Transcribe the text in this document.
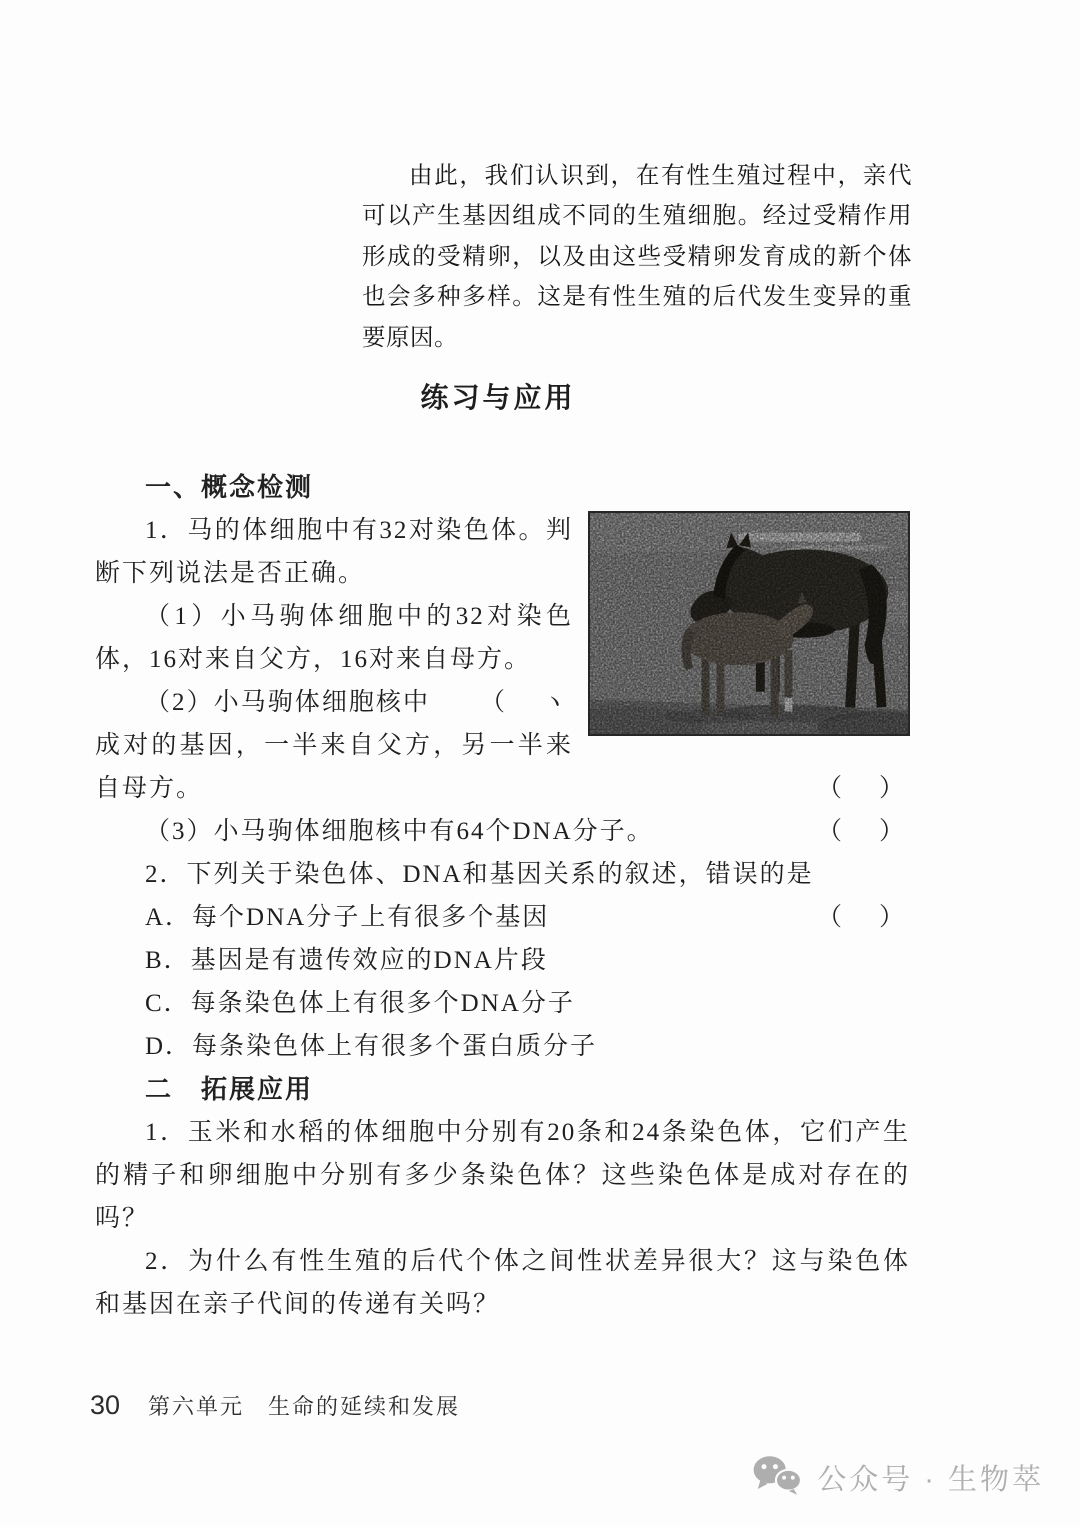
由此，我们认识到，在有性生殖过程中，亲代可以产生基因组成不同的生殖细胞。经过受精作用形成的受精卵，以及由这些受精卵发育成的新个体也会多种多样。这是有性生殖的后代发生变异的重要原因。

练习与应用

一、概念检测

1．马的体细胞中有32对染色体。判断下列说法是否正确。

（1）小马驹体细胞中的32对染色体，16对来自父方，16对来自母方。
（　ヽ

（2）小马驹体细胞核中成对的基因，一半来自父方，另一半来自母方。	（　）

（3）小马驹体细胞核中有64个DNA分子。	（　）

2．下列关于染色体、DNA和基因关系的叙述，错误的是
（　）

A．每个DNA分子上有很多个基因

B．基因是有遗传效应的DNA片段

C．每条染色体上有很多个DNA分子

D．每条染色体上有很多个蛋白质分子

二　拓展应用

1．玉米和水稻的体细胞中分别有20条和24条染色体，它们产生的精子和卵细胞中分别有多少条染色体？这些染色体是成对存在的吗？

2．为什么有性生殖的后代个体之间性状差异很大？这与染色体和基因在亲子代间的传递有关吗？

30 第六单元　生命的延续和发展
公众号 · 生物萃
